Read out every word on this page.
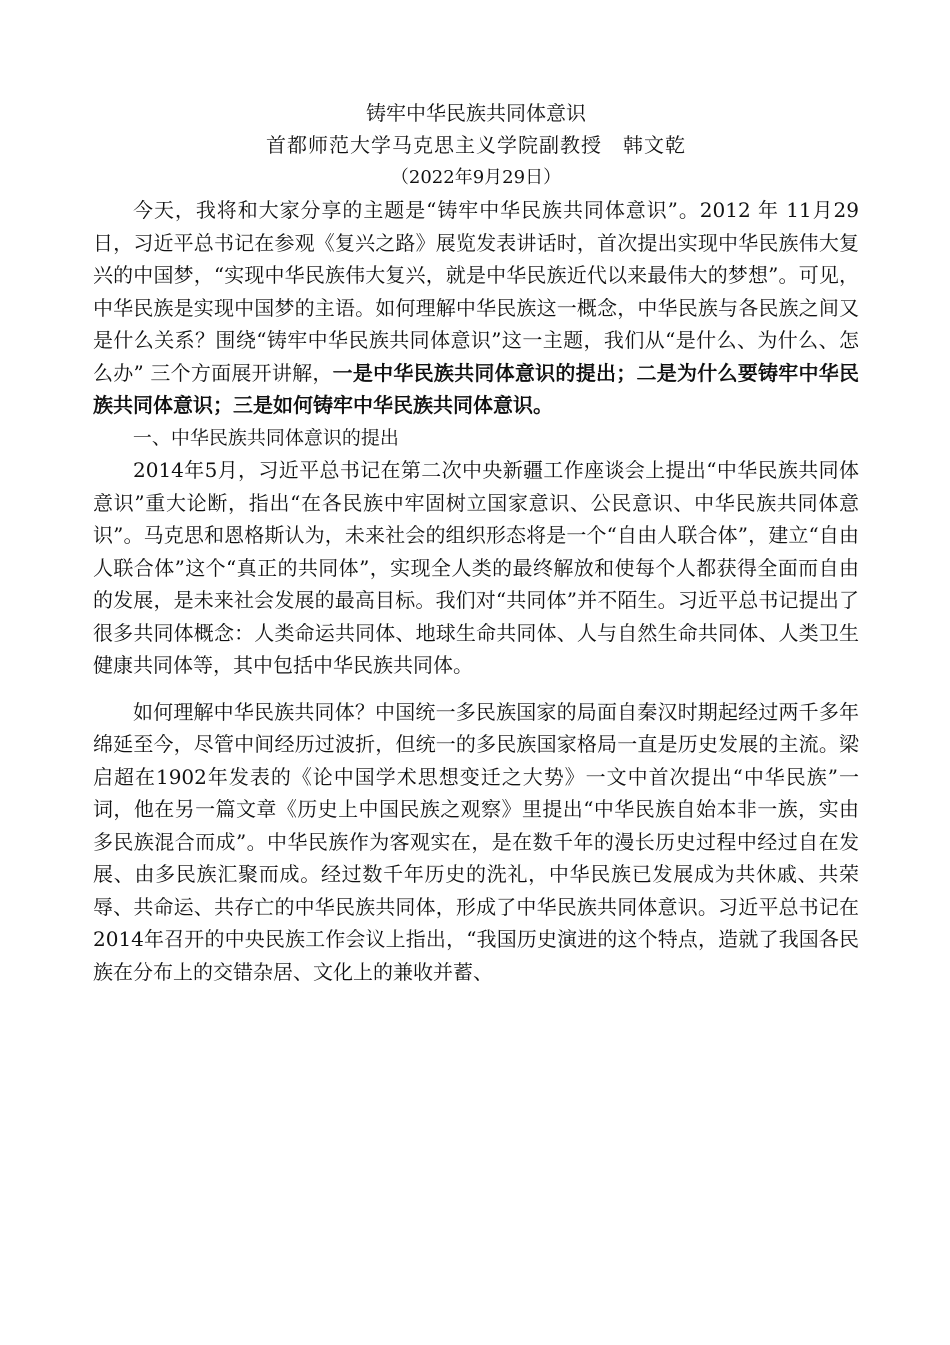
铸牢中华民族共同体意识

首都师范大学马克思主义学院副教授　韩文乾

（2022年9月29日）

今天，我将和大家分享的主题是“铸牢中华民族共同体意识”。2012 年 11月29日，习近平总书记在参观《复兴之路》展览发表讲话时，首次提出实现中华民族伟大复兴的中国梦，“实现中华民族伟大复兴，就是中华民族近代以来最伟大的梦想”。可见，中华民族是实现中国梦的主语。如何理解中华民族这一概念，中华民族与各民族之间又是什么关系？围绕“铸牢中华民族共同体意识”这一主题，我们从“是什么、为什么、怎么办” 三个方面展开讲解，一是中华民族共同体意识的提出；二是为什么要铸牢中华民族共同体意识；三是如何铸牢中华民族共同体意识。

一、中华民族共同体意识的提出

2014年5月，习近平总书记在第二次中央新疆工作座谈会上提出“中华民族共同体意识”重大论断，指出“在各民族中牢固树立国家意识、公民意识、中华民族共同体意识”。马克思和恩格斯认为，未来社会的组织形态将是一个“自由人联合体”，建立“自由人联合体”这个“真正的共同体”，实现全人类的最终解放和使每个人都获得全面而自由的发展，是未来社会发展的最高目标。我们对“共同体”并不陌生。习近平总书记提出了很多共同体概念：人类命运共同体、地球生命共同体、人与自然生命共同体、人类卫生健康共同体等，其中包括中华民族共同体。

如何理解中华民族共同体？中国统一多民族国家的局面自秦汉时期起经过两千多年绵延至今，尽管中间经历过波折，但统一的多民族国家格局一直是历史发展的主流。梁启超在1902年发表的《论中国学术思想变迁之大势》一文中首次提出“中华民族”一词，他在另一篇文章《历史上中国民族之观察》里提出“中华民族自始本非一族，实由多民族混合而成”。中华民族作为客观实在，是在数千年的漫长历史过程中经过自在发展、由多民族汇聚而成。经过数千年历史的洗礼，中华民族已发展成为共休戚、共荣辱、共命运、共存亡的中华民族共同体，形成了中华民族共同体意识。习近平总书记在2014年召开的中央民族工作会议上指出，“我国历史演进的这个特点，造就了我国各民族在分布上的交错杂居、文化上的兼收并蓄、
